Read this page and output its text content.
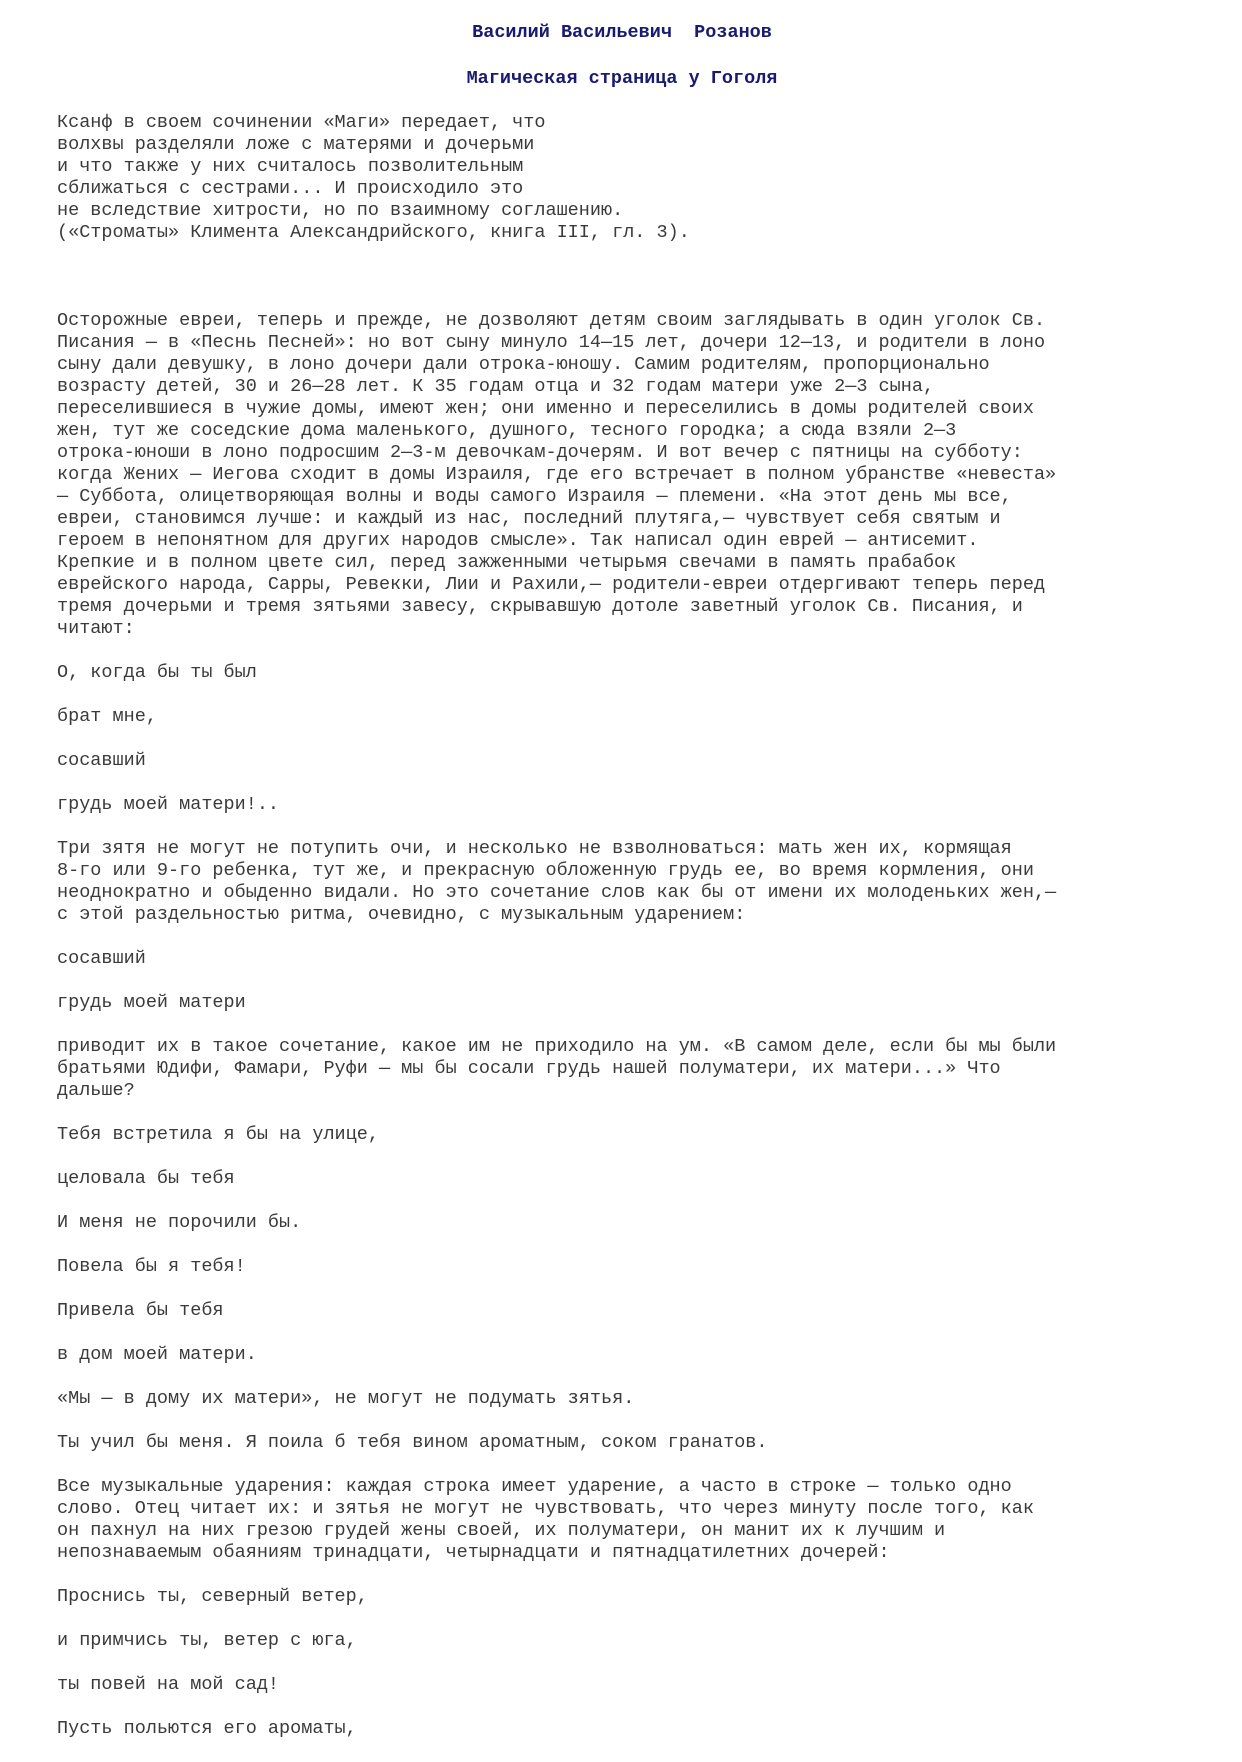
Василий Васильевич  Розанов
Магическая страница у Гоголя
Ксанф в своем сочинении «Маги» передает, что
волхвы разделяли ложе с матерями и дочерьми
и что также у них считалось позволительным
сближаться с сестрами... И происходило это
не вследствие хитрости, но по взаимному соглашению.
(«Строматы» Климента Александрийского, книга III, гл. 3).
Осторожные евреи, теперь и прежде, не дозволяют детям своим заглядывать в один уголок Св.
Писания — в «Песнь Песней»: но вот сыну минуло 14—15 лет, дочери 12—13, и родители в лоно
сыну дали девушку, в лоно дочери дали отрока-юношу. Самим родителям, пропорционально
возрасту детей, 30 и 26—28 лет. К 35 годам отца и 32 годам матери уже 2—3 сына,
переселившиеся в чужие домы, имеют жен; они именно и переселились в домы родителей своих
жен, тут же соседские дома маленького, душного, тесного городка; а сюда взяли 2—3
отрока-юноши в лоно подросшим 2—3-м девочкам-дочерям. И вот вечер с пятницы на субботу:
когда Жених — Иегова сходит в домы Израиля, где его встречает в полном убранстве «невеста»
— Суббота, олицетворяющая волны и воды самого Израиля — племени. «На этот день мы все,
евреи, становимся лучше: и каждый из нас, последний плутяга,— чувствует себя святым и
героем в непонятном для других народов смысле». Так написал один еврей — антисемит.
Крепкие и в полном цвете сил, перед зажженными четырьмя свечами в память прабабок
еврейского народа, Сарры, Ревекки, Лии и Рахили,— родители-евреи отдергивают теперь перед
тремя дочерьми и тремя зятьями завесу, скрывавшую дотоле заветный уголок Св. Писания, и
читают:
О, когда бы ты был
брат мне,
сосавший
грудь моей матери!..
Три зятя не могут не потупить очи, и несколько не взволноваться: мать жен их, кормящая
8-го или 9-го ребенка, тут же, и прекрасную обложенную грудь ее, во время кормления, они
неоднократно и обыденно видали. Но это сочетание слов как бы от имени их молоденьких жен,—
с этой раздельностью ритма, очевидно, с музыкальным ударением:
сосавший
грудь моей матери
приводит их в такое сочетание, какое им не приходило на ум. «В самом деле, если бы мы были
братьями Юдифи, Фамари, Руфи — мы бы сосали грудь нашей полуматери, их матери...» Что
дальше?
Тебя встретила я бы на улице,
целовала бы тебя
И меня не порочили бы.
Повела бы я тебя!
Привела бы тебя
в дом моей матери.
«Мы — в дому их матери», не могут не подумать зятья.
Ты учил бы меня. Я поила б тебя вином ароматным, соком гранатов.
Все музыкальные ударения: каждая строка имеет ударение, а часто в строке — только одно
слово. Отец читает их: и зятья не могут не чувствовать, что через минуту после того, как
он пахнул на них грезою грудей жены своей, их полуматери, он манит их к лучшим и
непознаваемым обаяниям тринадцати, четырнадцати и пятнадцатилетних дочерей:
Проснись ты, северный ветер,
и примчись ты, ветер с юга,
ты повей на мой сад!
Пусть польются его ароматы,
